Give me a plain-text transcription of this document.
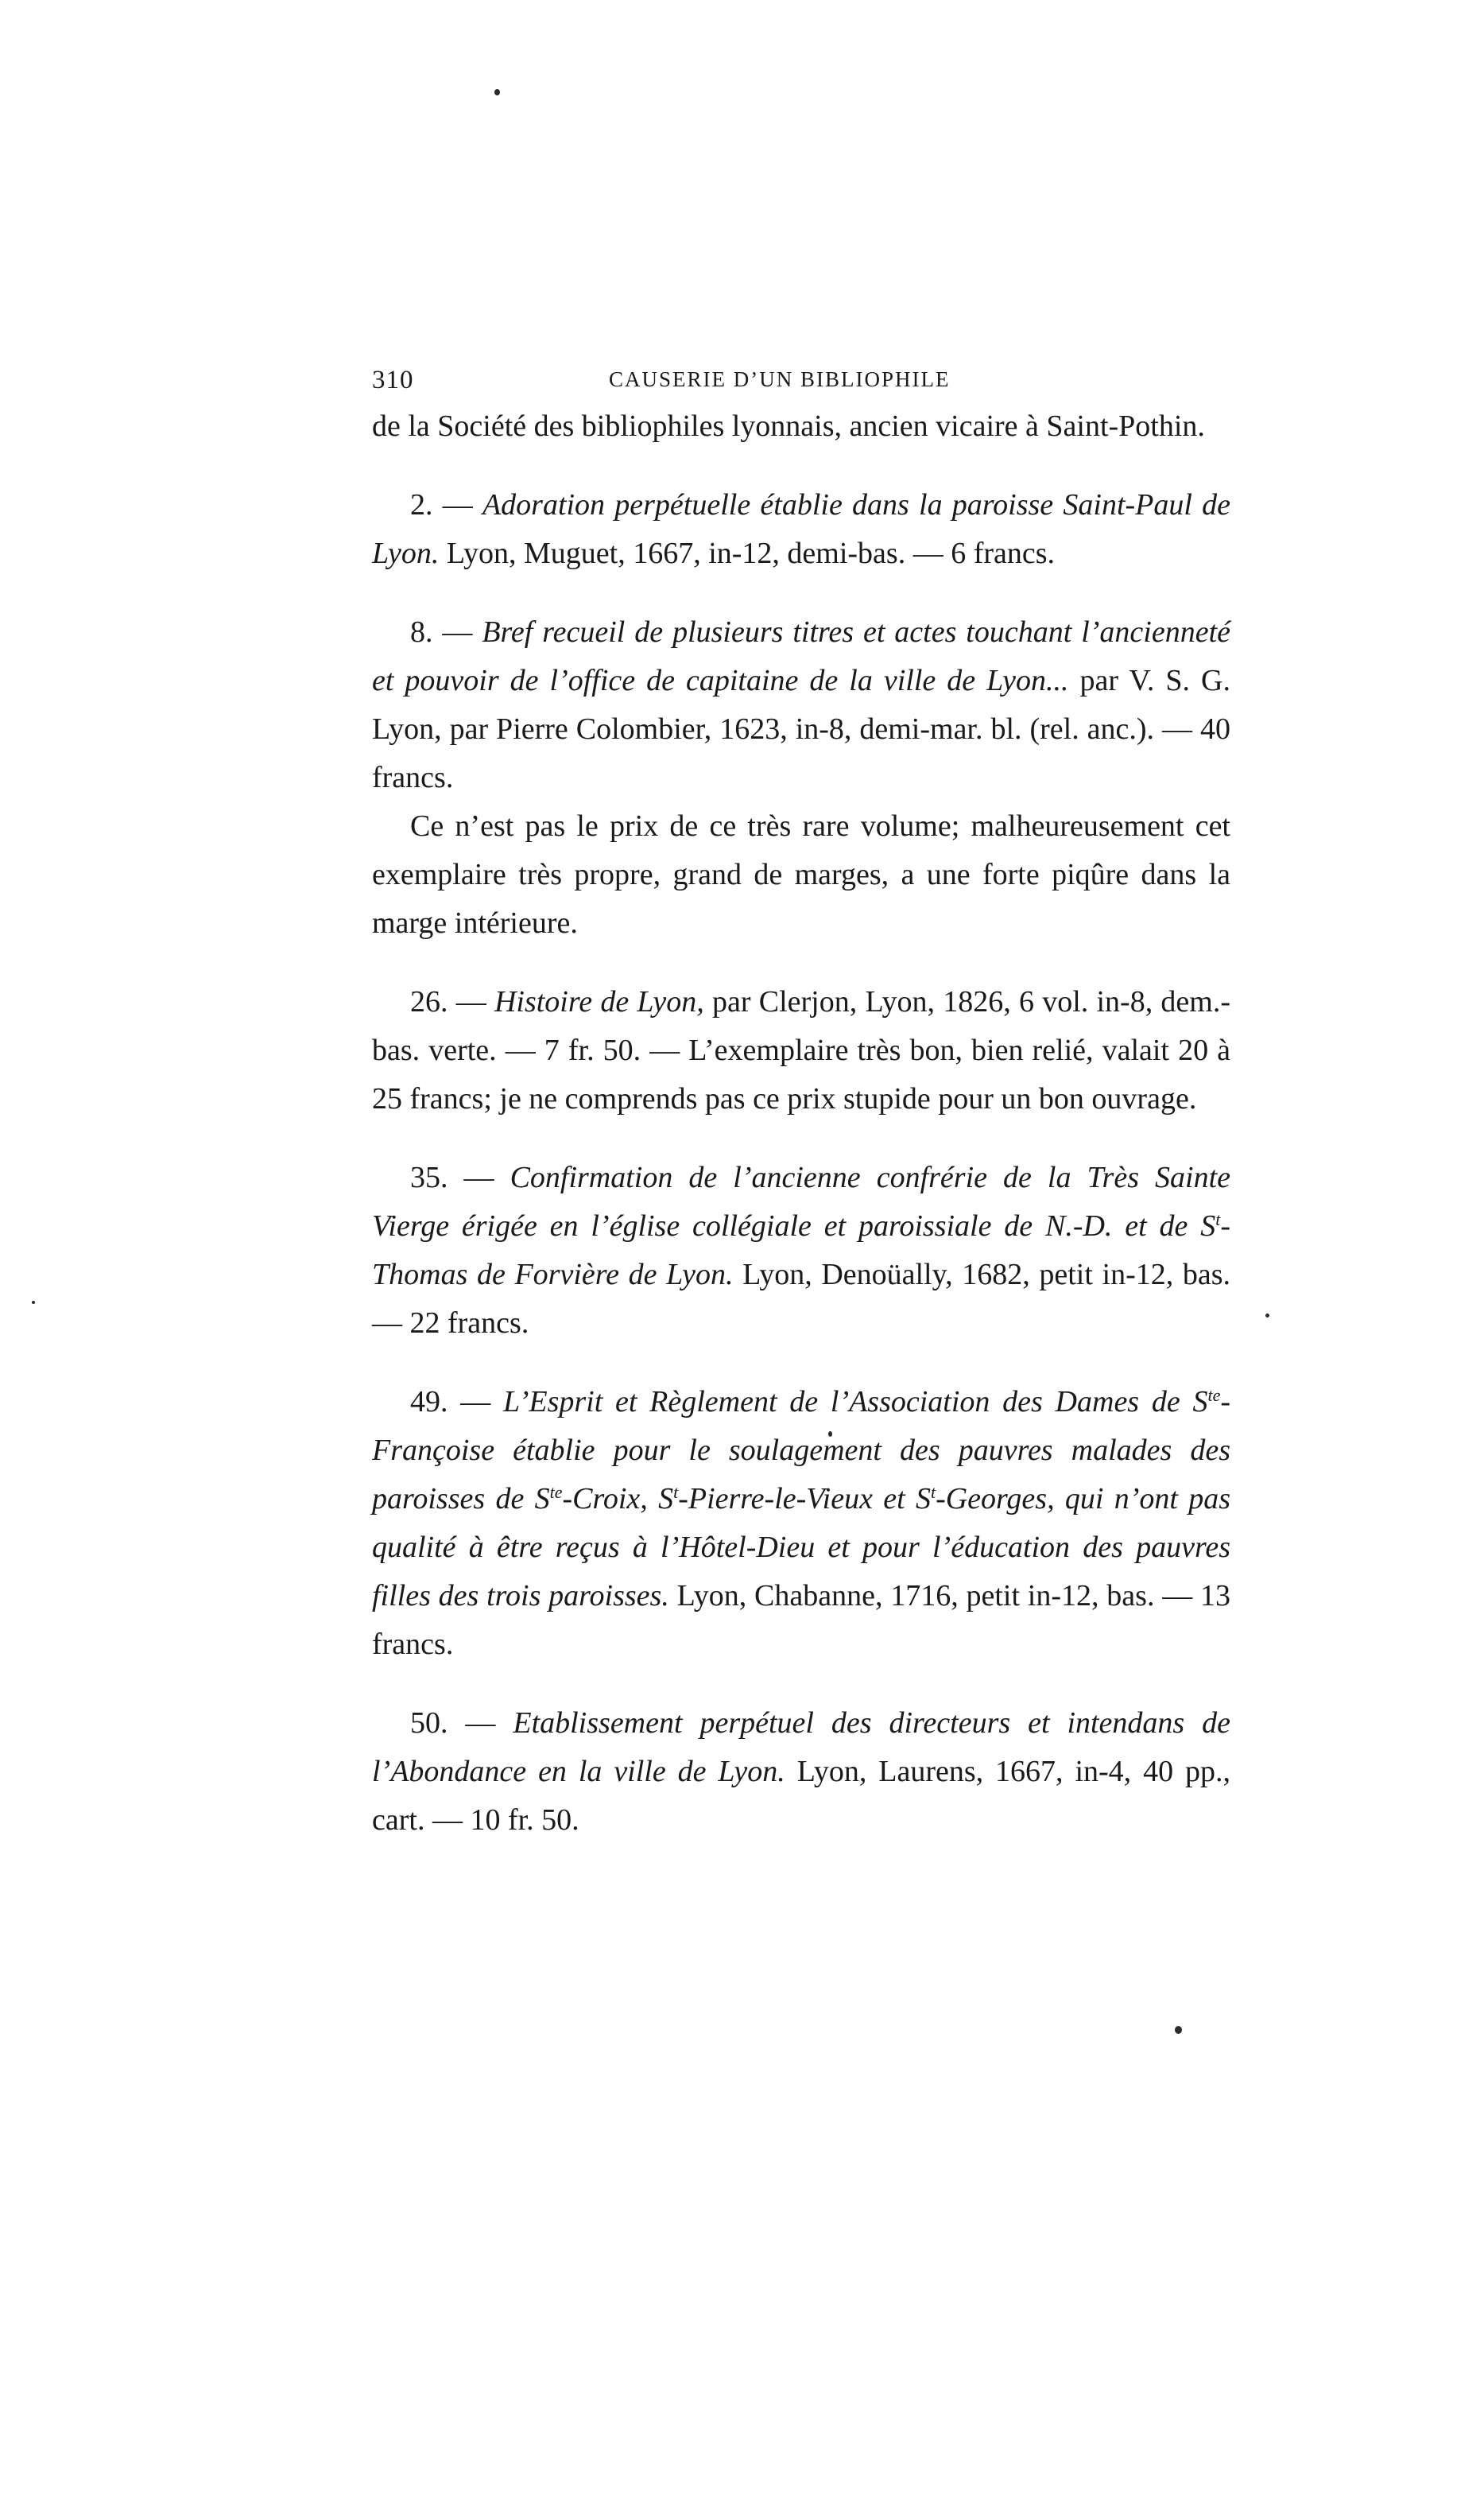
310	CAUSERIE D’UN BIBLIOPHILE

de la Société des bibliophiles lyonnais, ancien vicaire à Saint-Pothin.

2. — Adoration perpétuelle établie dans la paroisse Saint-Paul de Lyon. Lyon, Muguet, 1667, in-12, demi-bas. — 6 francs.

8. — Bref recueil de plusieurs titres et actes touchant l’ancienneté et pouvoir de l’office de capitaine de la ville de Lyon... par V. S. G. Lyon, par Pierre Colombier, 1623, in-8, demi-mar. bl. (rel. anc.). — 40 francs.

Ce n’est pas le prix de ce très rare volume; malheureusement cet exemplaire très propre, grand de marges, a une forte piqûre dans la marge intérieure.

26. — Histoire de Lyon, par Clerjon, Lyon, 1826, 6 vol. in-8, dem.-bas. verte. — 7 fr. 50. — L’exemplaire très bon, bien relié, valait 20 à 25 francs; je ne comprends pas ce prix stupide pour un bon ouvrage.

35. — Confirmation de l’ancienne confrérie de la Très Sainte Vierge érigée en l’église collégiale et paroissiale de N.-D. et de $S^t$-Thomas de Forvière de Lyon. Lyon, Denoüally, 1682, petit in-12, bas. — 22 francs.

49. — L’Esprit et Règlement de l’Association des Dames de $S^{te}$-Françoise établie pour le soulagement des pauvres malades des paroisses de $S^{te}$-Croix, $S^t-Pierre-le$-Vieux et $S^t$-Georges, qui n’ont pas qualité à être reçus à l’Hôtel-Dieu et pour l’éducation des pauvres filles des trois paroisses. Lyon, Chabanne, 1716, petit in-12, bas. — 13 francs.

50. — Etablissement perpétuel des directeurs et intendans de l’Abondance en la ville de Lyon. Lyon, Laurens, 1667, in-4, 40 pp., cart. — 10 fr. 50.
